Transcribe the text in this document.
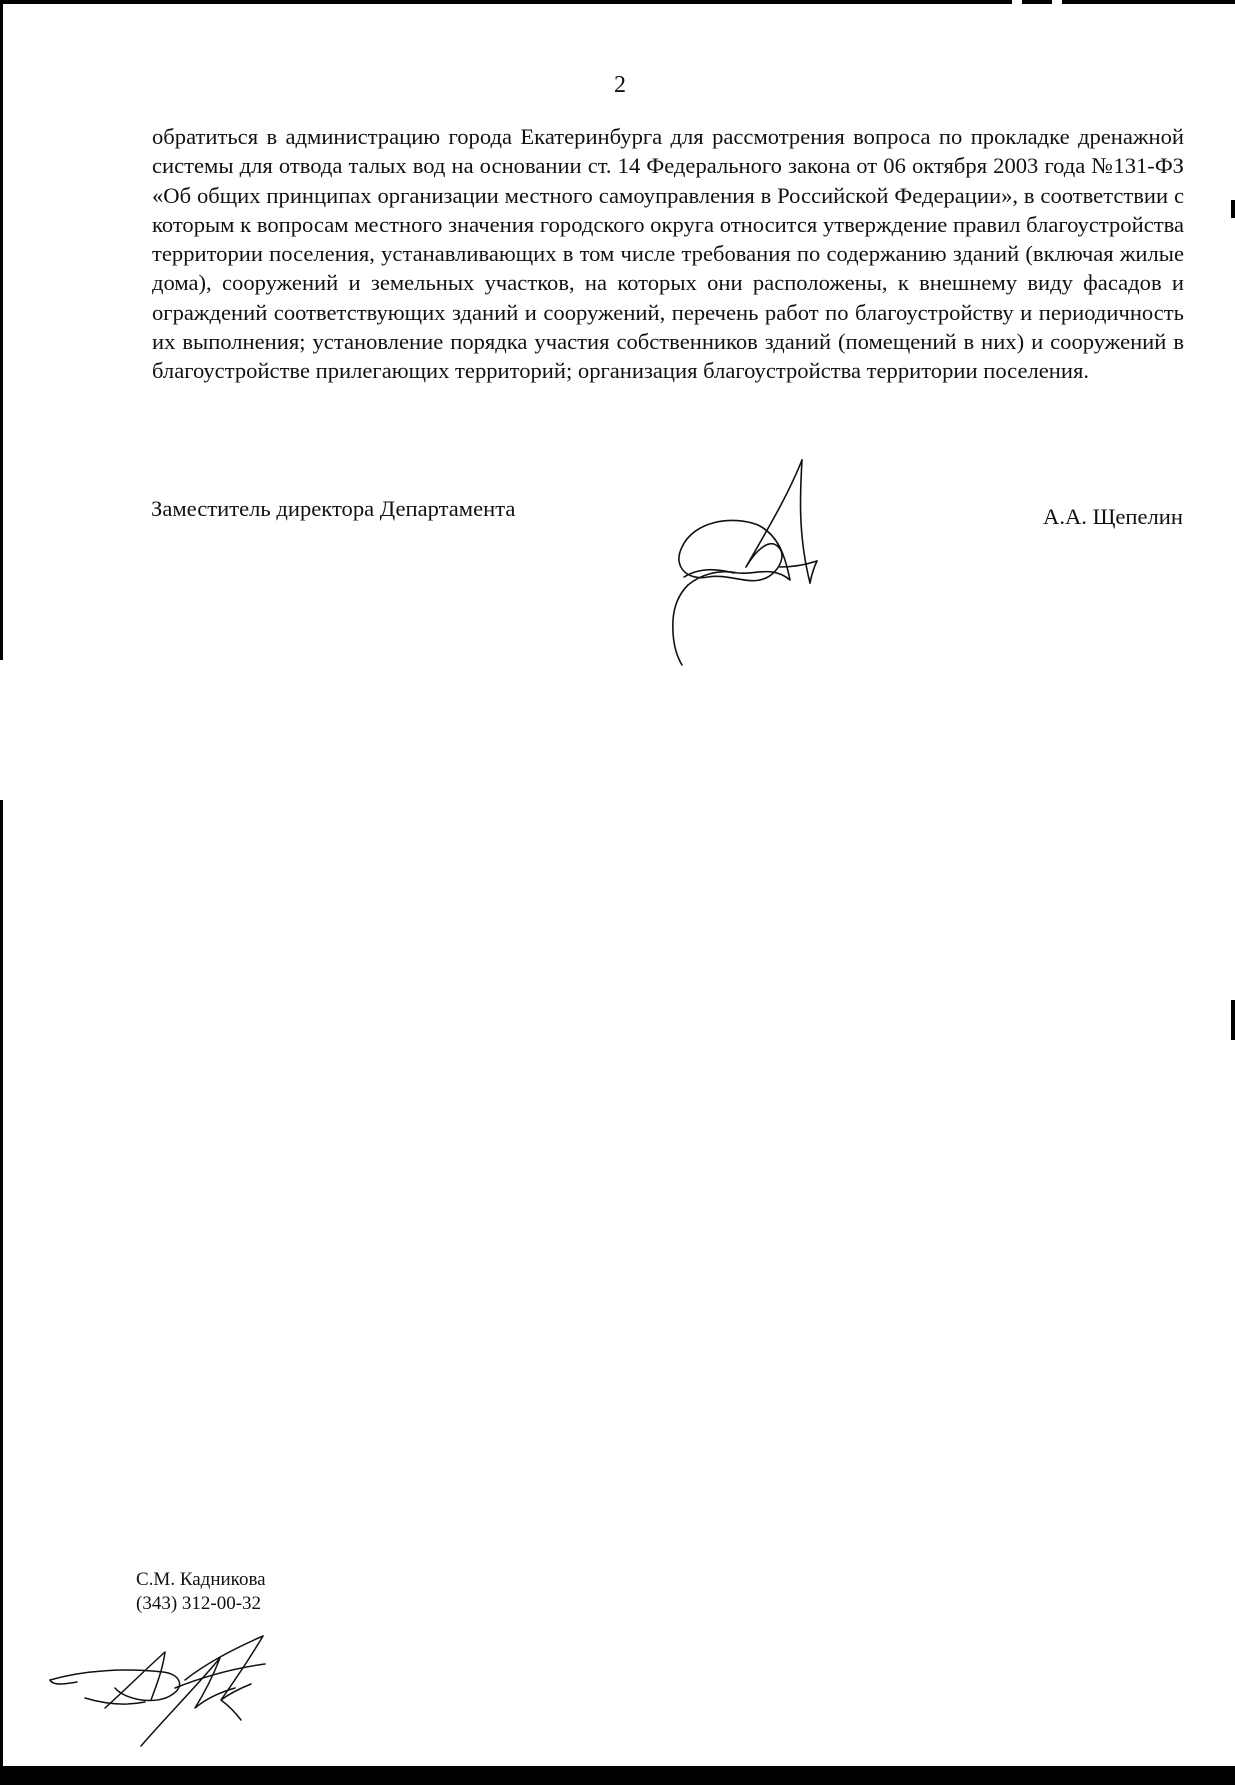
2

обратиться в администрацию города Екатеринбурга для рассмотрения вопроса по прокладке дренажной системы для отвода талых вод на основании ст. 14 Федерального закона от 06 октября 2003 года №131-ФЗ «Об общих принципах организации местного самоуправления в Российской Федерации», в соответствии с которым к вопросам местного значения городского округа относится утверждение правил благоустройства территории поселения, устанавливающих в том числе требования по содержанию зданий (включая жилые дома), сооружений и земельных участков, на которых они расположены, к внешнему виду фасадов и ограждений соответствующих зданий и сооружений, перечень работ по благоустройству и периодичность их выполнения; установление порядка участия собственников зданий (помещений в них) и сооружений в благоустройстве прилегающих территорий; организация благоустройства территории поселения.

Заместитель директора Департамента	А.А. Щепелин
С.М. Кадникова
(343) 312-00-32
